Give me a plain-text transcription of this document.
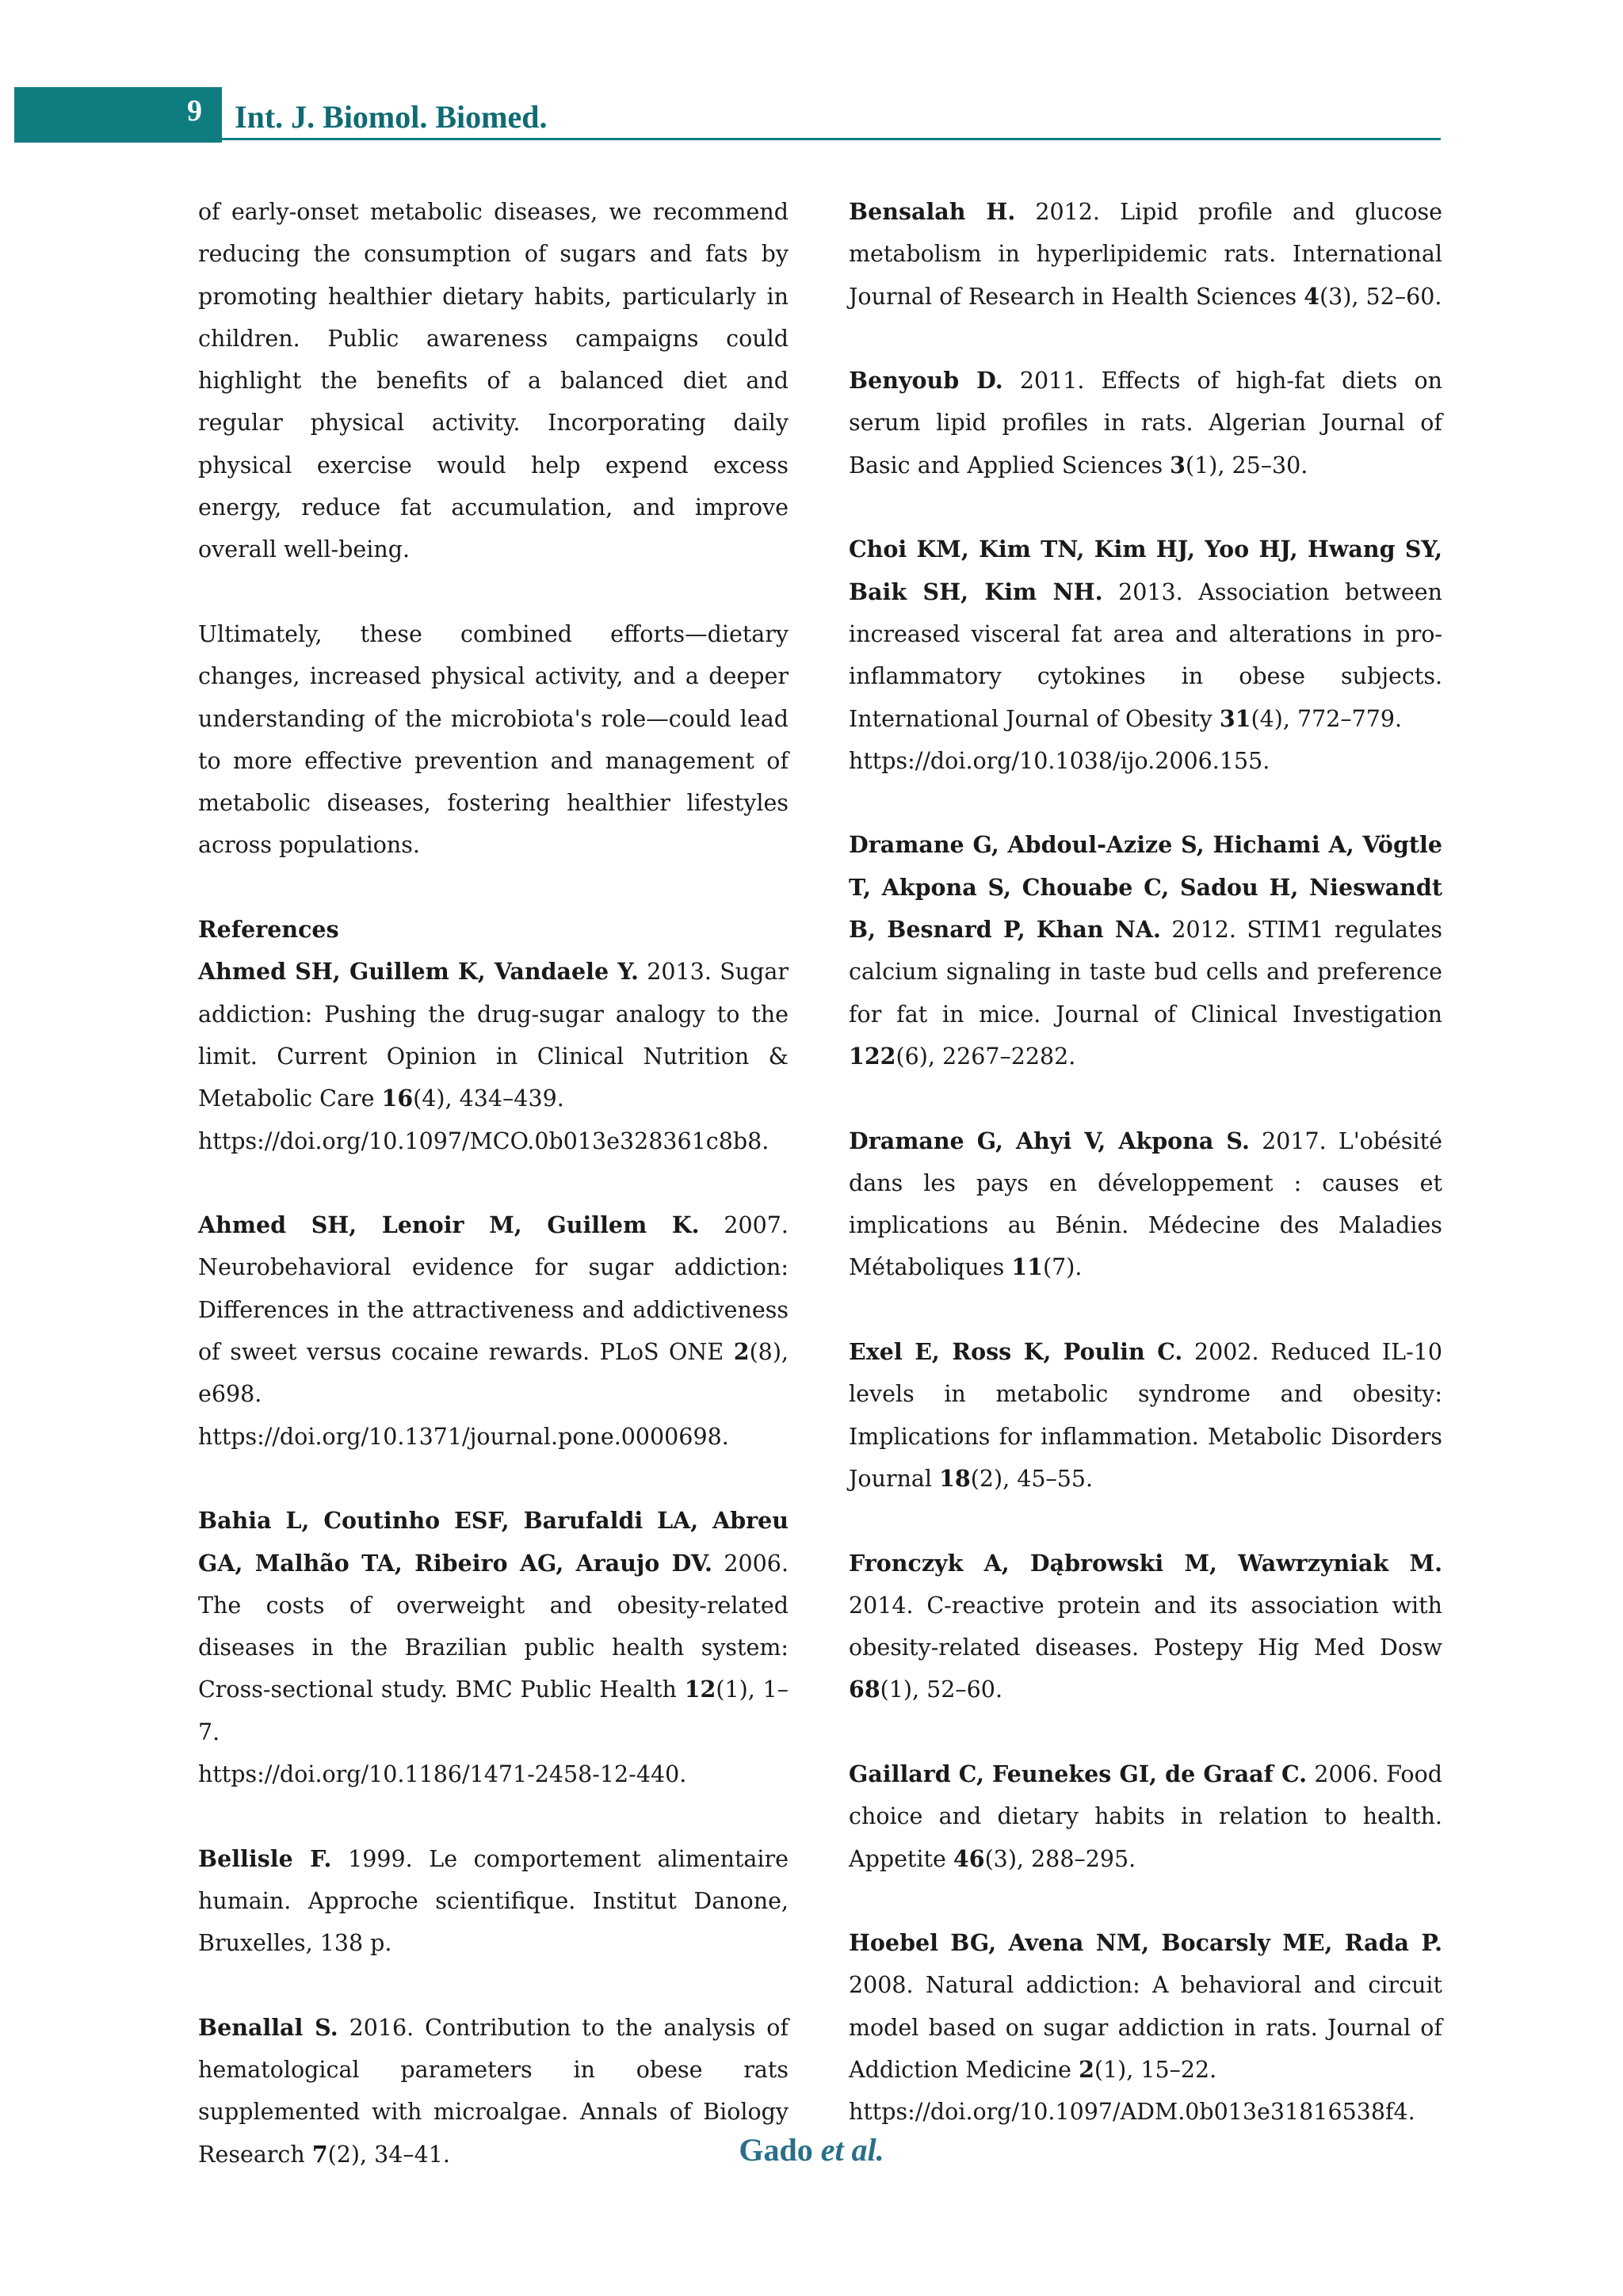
9 Int. J. Biomol. Biomed.

of early-onset metabolic diseases, we recommend reducing the consumption of sugars and fats by promoting healthier dietary habits, particularly in children. Public awareness campaigns could highlight the benefits of a balanced diet and regular physical activity. Incorporating daily physical exercise would help expend excess energy, reduce fat accumulation, and improve overall well-being.

Ultimately, these combined efforts—dietary changes, increased physical activity, and a deeper understanding of the microbiota's role—could lead to more effective prevention and management of metabolic diseases, fostering healthier lifestyles across populations.

References

Ahmed SH, Guillem K, Vandaele Y. 2013. Sugar addiction: Pushing the drug-sugar analogy to the limit. Current Opinion in Clinical Nutrition & Metabolic Care 16(4), 434–439.
https://doi.org/10.1097/MCO.0b013e328361c8b8.

Ahmed SH, Lenoir M, Guillem K. 2007. Neurobehavioral evidence for sugar addiction: Differences in the attractiveness and addictiveness of sweet versus cocaine rewards. PLoS ONE 2(8), e698.
https://doi.org/10.1371/journal.pone.0000698.

Bahia L, Coutinho ESF, Barufaldi LA, Abreu GA, Malhão TA, Ribeiro AG, Araujo DV. 2006. The costs of overweight and obesity-related diseases in the Brazilian public health system: Cross-sectional study. BMC Public Health 12(1), 1–7.
https://doi.org/10.1186/1471-2458-12-440.

Bellisle F. 1999. Le comportement alimentaire humain. Approche scientifique. Institut Danone, Bruxelles, 138 p.

Benallal S. 2016. Contribution to the analysis of hematological parameters in obese rats supplemented with microalgae. Annals of Biology Research 7(2), 34–41.

Bensalah H. 2012. Lipid profile and glucose metabolism in hyperlipidemic rats. International Journal of Research in Health Sciences 4(3), 52–60.

Benyoub D. 2011. Effects of high-fat diets on serum lipid profiles in rats. Algerian Journal of Basic and Applied Sciences 3(1), 25–30.

Choi KM, Kim TN, Kim HJ, Yoo HJ, Hwang SY, Baik SH, Kim NH. 2013. Association between increased visceral fat area and alterations in pro-inflammatory cytokines in obese subjects. International Journal of Obesity 31(4), 772–779.
https://doi.org/10.1038/ijo.2006.155.

Dramane G, Abdoul-Azize S, Hichami A, Vögtle T, Akpona S, Chouabe C, Sadou H, Nieswandt B, Besnard P, Khan NA. 2012. STIM1 regulates calcium signaling in taste bud cells and preference for fat in mice. Journal of Clinical Investigation 122(6), 2267–2282.

Dramane G, Ahyi V, Akpona S. 2017. L'obésité dans les pays en développement : causes et implications au Bénin. Médecine des Maladies Métaboliques 11(7).

Exel E, Ross K, Poulin C. 2002. Reduced IL-10 levels in metabolic syndrome and obesity: Implications for inflammation. Metabolic Disorders Journal 18(2), 45–55.

Fronczyk A, Dąbrowski M, Wawrzyniak M. 2014. C-reactive protein and its association with obesity-related diseases. Postepy Hig Med Dosw 68(1), 52–60.

Gaillard C, Feunekes GI, de Graaf C. 2006. Food choice and dietary habits in relation to health. Appetite 46(3), 288–295.

Hoebel BG, Avena NM, Bocarsly ME, Rada P. 2008. Natural addiction: A behavioral and circuit model based on sugar addiction in rats. Journal of Addiction Medicine 2(1), 15–22.
https://doi.org/10.1097/ADM.0b013e31816538f4.

Gado et al.
